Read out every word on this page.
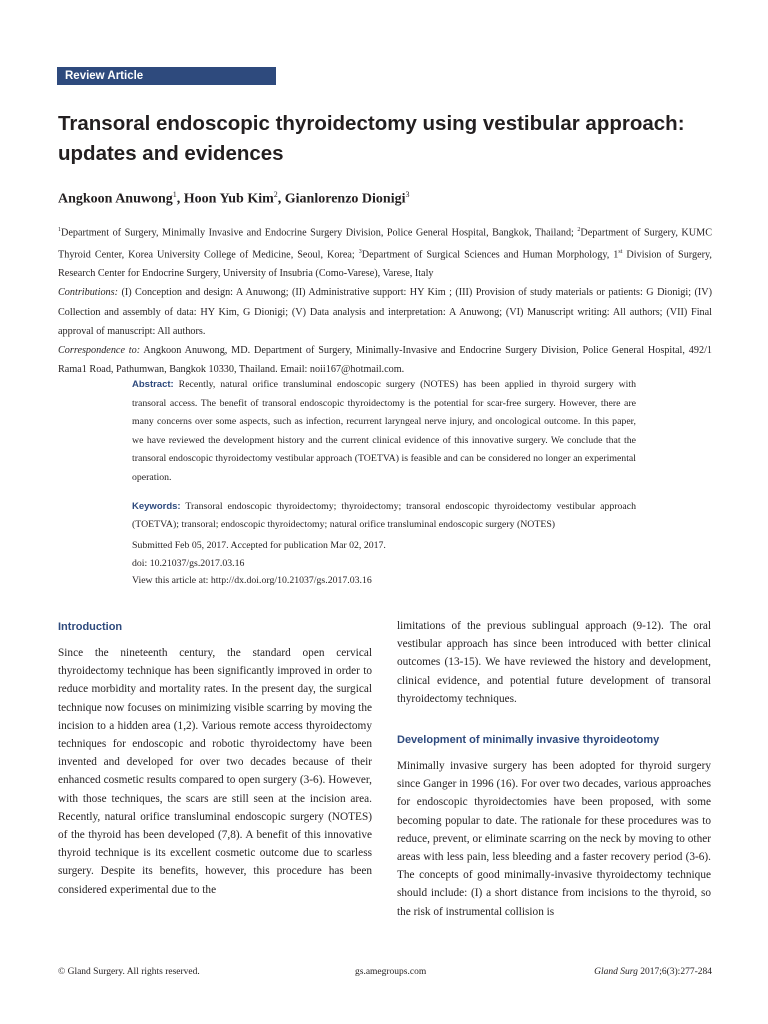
Review Article
Transoral endoscopic thyroidectomy using vestibular approach:
updates and evidences
Angkoon Anuwong$^1$, Hoon Yub Kim$^2$, Gianlorenzo Dionigi$^3$

$^1$Department of Surgery, Minimally Invasive and Endocrine Surgery Division, Police General Hospital, Bangkok, Thailand; $^2$Department of Surgery, KUMC Thyroid Center, Korea University College of Medicine, Seoul, Korea; $^3$Department of Surgical Sciences and Human Morphology, 1st Division of Surgery, Research Center for Endocrine Surgery, University of Insubria (Como-Varese), Varese, Italy

Contributions: (I) Conception and design: A Anuwong; (II) Administrative support: HY Kim ; (III) Provision of study materials or patients: G Dionigi; (IV) Collection and assembly of data: HY Kim, G Dionigi; (V) Data analysis and interpretation: A Anuwong; (VI) Manuscript writing: All authors; (VII) Final approval of manuscript: All authors.

Correspondence to: Angkoon Anuwong, MD. Department of Surgery, Minimally-Invasive and Endocrine Surgery Division, Police General Hospital, 492/1 Rama1 Road, Pathumwan, Bangkok 10330, Thailand. Email: noii167@hotmail.com.

Abstract: Recently, natural orifice transluminal endoscopic surgery (NOTES) has been applied in thyroid surgery with transoral access. The benefit of transoral endoscopic thyroidectomy is the potential for scar-free surgery. However, there are many concerns over some aspects, such as infection, recurrent laryngeal nerve injury, and oncological outcome. In this paper, we have reviewed the development history and the current clinical evidence of this innovative surgery. We conclude that the transoral endoscopic thyroidectomy vestibular approach (TOETVA) is feasible and can be considered no longer an experimental operation.

Keywords: Transoral endoscopic thyroidectomy; thyroidectomy; transoral endoscopic thyroidectomy vestibular approach (TOETVA); transoral; endoscopic thyroidectomy; natural orifice transluminal endoscopic surgery (NOTES)

Submitted Feb 05, 2017. Accepted for publication Mar 02, 2017.
doi: 10.21037/gs.2017.03.16
View this article at: http://dx.doi.org/10.21037/gs.2017.03.16
Introduction

Since the nineteenth century, the standard open cervical thyroidectomy technique has been significantly improved in order to reduce morbidity and mortality rates. In the present day, the surgical technique now focuses on minimizing visible scarring by moving the incision to a hidden area (1,2). Various remote access thyroidectomy techniques for endoscopic and robotic thyroidectomy have been invented and developed for over two decades because of their enhanced cosmetic results compared to open surgery (3-6). However, with those techniques, the scars are still seen at the incision area. Recently, natural orifice transluminal endoscopic surgery (NOTES) of the thyroid has been developed (7,8). A benefit of this innovative thyroid technique is its excellent cosmetic outcome due to scarless surgery. Despite its benefits, however, this procedure has been considered experimental due to the

limitations of the previous sublingual approach (9-12). The oral vestibular approach has since been introduced with better clinical outcomes (13-15). We have reviewed the history and development, clinical evidence, and potential future development of transoral thyroidectomy techniques.

Development of minimally invasive thyroideotomy

Minimally invasive surgery has been adopted for thyroid surgery since Ganger in 1996 (16). For over two decades, various approaches for endoscopic thyroidectomies have been proposed, with some becoming popular to date. The rationale for these procedures was to reduce, prevent, or eliminate scarring on the neck by moving to other areas with less pain, less bleeding and a faster recovery period (3-6). The concepts of good minimally-invasive thyroidectomy technique should include: (I) a short distance from incisions to the thyroid, so the risk of instrumental collision is

© Gland Surgery. All rights reserved.	gs.amegroups.com	Gland Surg 2017;6(3):277-284
